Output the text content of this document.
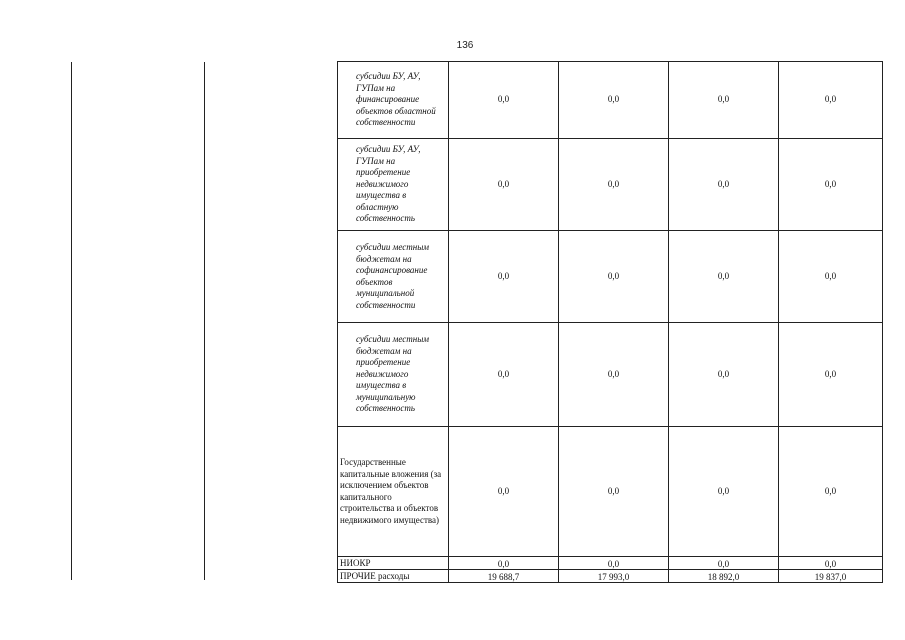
136
субсидии БУ, АУ, ГУПам на финансирование объектов областной собственности	0,0	0,0	0,0	0,0
субсидии БУ, АУ, ГУПам на приобретение недвижимого имущества в областную собственность	0,0	0,0	0,0	0,0
субсидии местным бюджетам на софинансирование объектов муниципальной собственности	0,0	0,0	0,0	0,0
субсидии местным бюджетам на приобретение недвижимого имущества в муниципальную собственность	0,0	0,0	0,0	0,0
Государственные капитальные вложения (за исключением объектов капитального строительства и объектов недвижимого имущества)	0,0	0,0	0,0	0,0
НИОКР	0,0	0,0	0,0	0,0
ПРОЧИЕ расходы	19 688,7	17 993,0	18 892,0	19 837,0
